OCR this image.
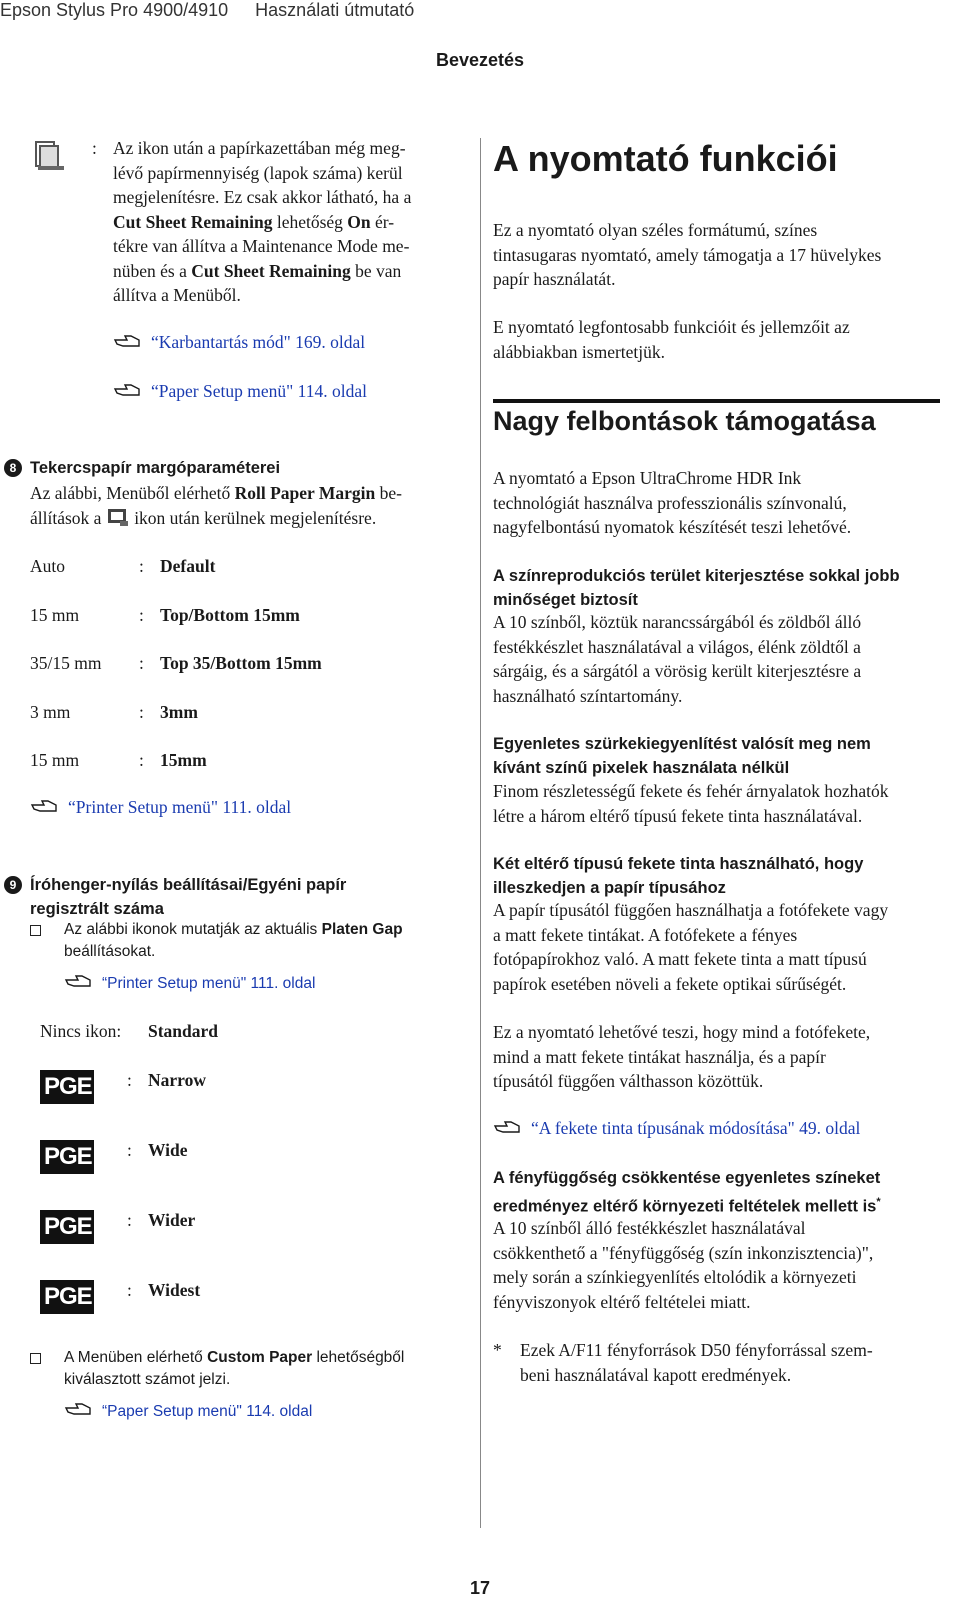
Epson Stylus Pro 4900/4910 Használati útmutató
Bevezetés
: Az ikon után a papírkazettában még meg-
lévő papírmennyiség (lapok száma) kerül
megjelenítésre. Ez csak akkor látható, ha a
Cut Sheet Remaining lehetőség On ér-
tékre van állítva a Maintenance Mode me-
nüben és a Cut Sheet Remaining be van
állítva a Menüből.
“Karbantartás mód" 169. oldal
“Paper Setup menü" 114. oldal
8 Tekercspapír margóparaméterei
Az alábbi, Menüből elérhető Roll Paper Margin be-
állítások a  ikon után kerülnek megjelenítésre.
Auto	: Default
15 mm	: Top/Bottom 15mm
35/15 mm : Top 35/Bottom 15mm
3 mm	: 3mm
15 mm	: 15mm
“Printer Setup menü" 111. oldal
9 Íróhenger-nyílás beállításai/Egyéni papír
regisztrált száma
Az alábbi ikonok mutatják az aktuális Platen Gap
beállításokat.
“Printer Setup menü" 111. oldal
Nincs ikon: Standard
PGE : Narrow
PGE : Wide
PGE : Wider
PGE : Widest
A Menüben elérhető Custom Paper lehetőségből
kiválasztott számot jelzi.
“Paper Setup menü" 114. oldal
A nyomtató funkciói
Ez a nyomtató olyan széles formátumú, színes
tintasugaras nyomtató, amely támogatja a 17 hüvelykes
papír használatát.
E nyomtató legfontosabb funkcióit és jellemzőit az
alábbiakban ismertetjük.
Nagy felbontások támogatása
A nyomtató a Epson UltraChrome HDR Ink
technológiát használva professzionális színvonalú,
nagyfelbontású nyomatok készítését teszi lehetővé.
A színreprodukciós terület kiterjesztése sokkal jobb
minőséget biztosít
A 10 színből, köztük narancssárgából és zöldből álló
festékkészlet használatával a világos, élénk zöldtől a
sárgáig, és a sárgától a vörösig került kiterjesztésre a
használható színtartomány.
Egyenletes szürkekiegyenlítést valósít meg nem
kívánt színű pixelek használata nélkül
Finom részletességű fekete és fehér árnyalatok hozhatók
létre a három eltérő típusú fekete tinta használatával.
Két eltérő típusú fekete tinta használható, hogy
illeszkedjen a papír típusához
A papír típusától függően használhatja a fotófekete vagy
a matt fekete tintákat. A fotófekete a fényes
fotópapírokhoz való. A matt fekete tinta a matt típusú
papírok esetében növeli a fekete optikai sűrűségét.
Ez a nyomtató lehetővé teszi, hogy mind a fotófekete,
mind a matt fekete tintákat használja, és a papír
típusától függően válthasson közöttük.
“A fekete tinta típusának módosítása" 49. oldal
A fényfüggőség csökkentése egyenletes színeket
eredményez eltérő környezeti feltételek mellett is*
A 10 színből álló festékkészlet használatával
csökkenthető a "fényfüggőség (szín inkonzisztencia)",
mely során a színkiegyenlítés eltolódik a környezeti
fényviszonyok eltérő feltételei miatt.
* Ezek A/F11 fényforrások D50 fényforrással szem-
beni használatával kapott eredmények.
17
